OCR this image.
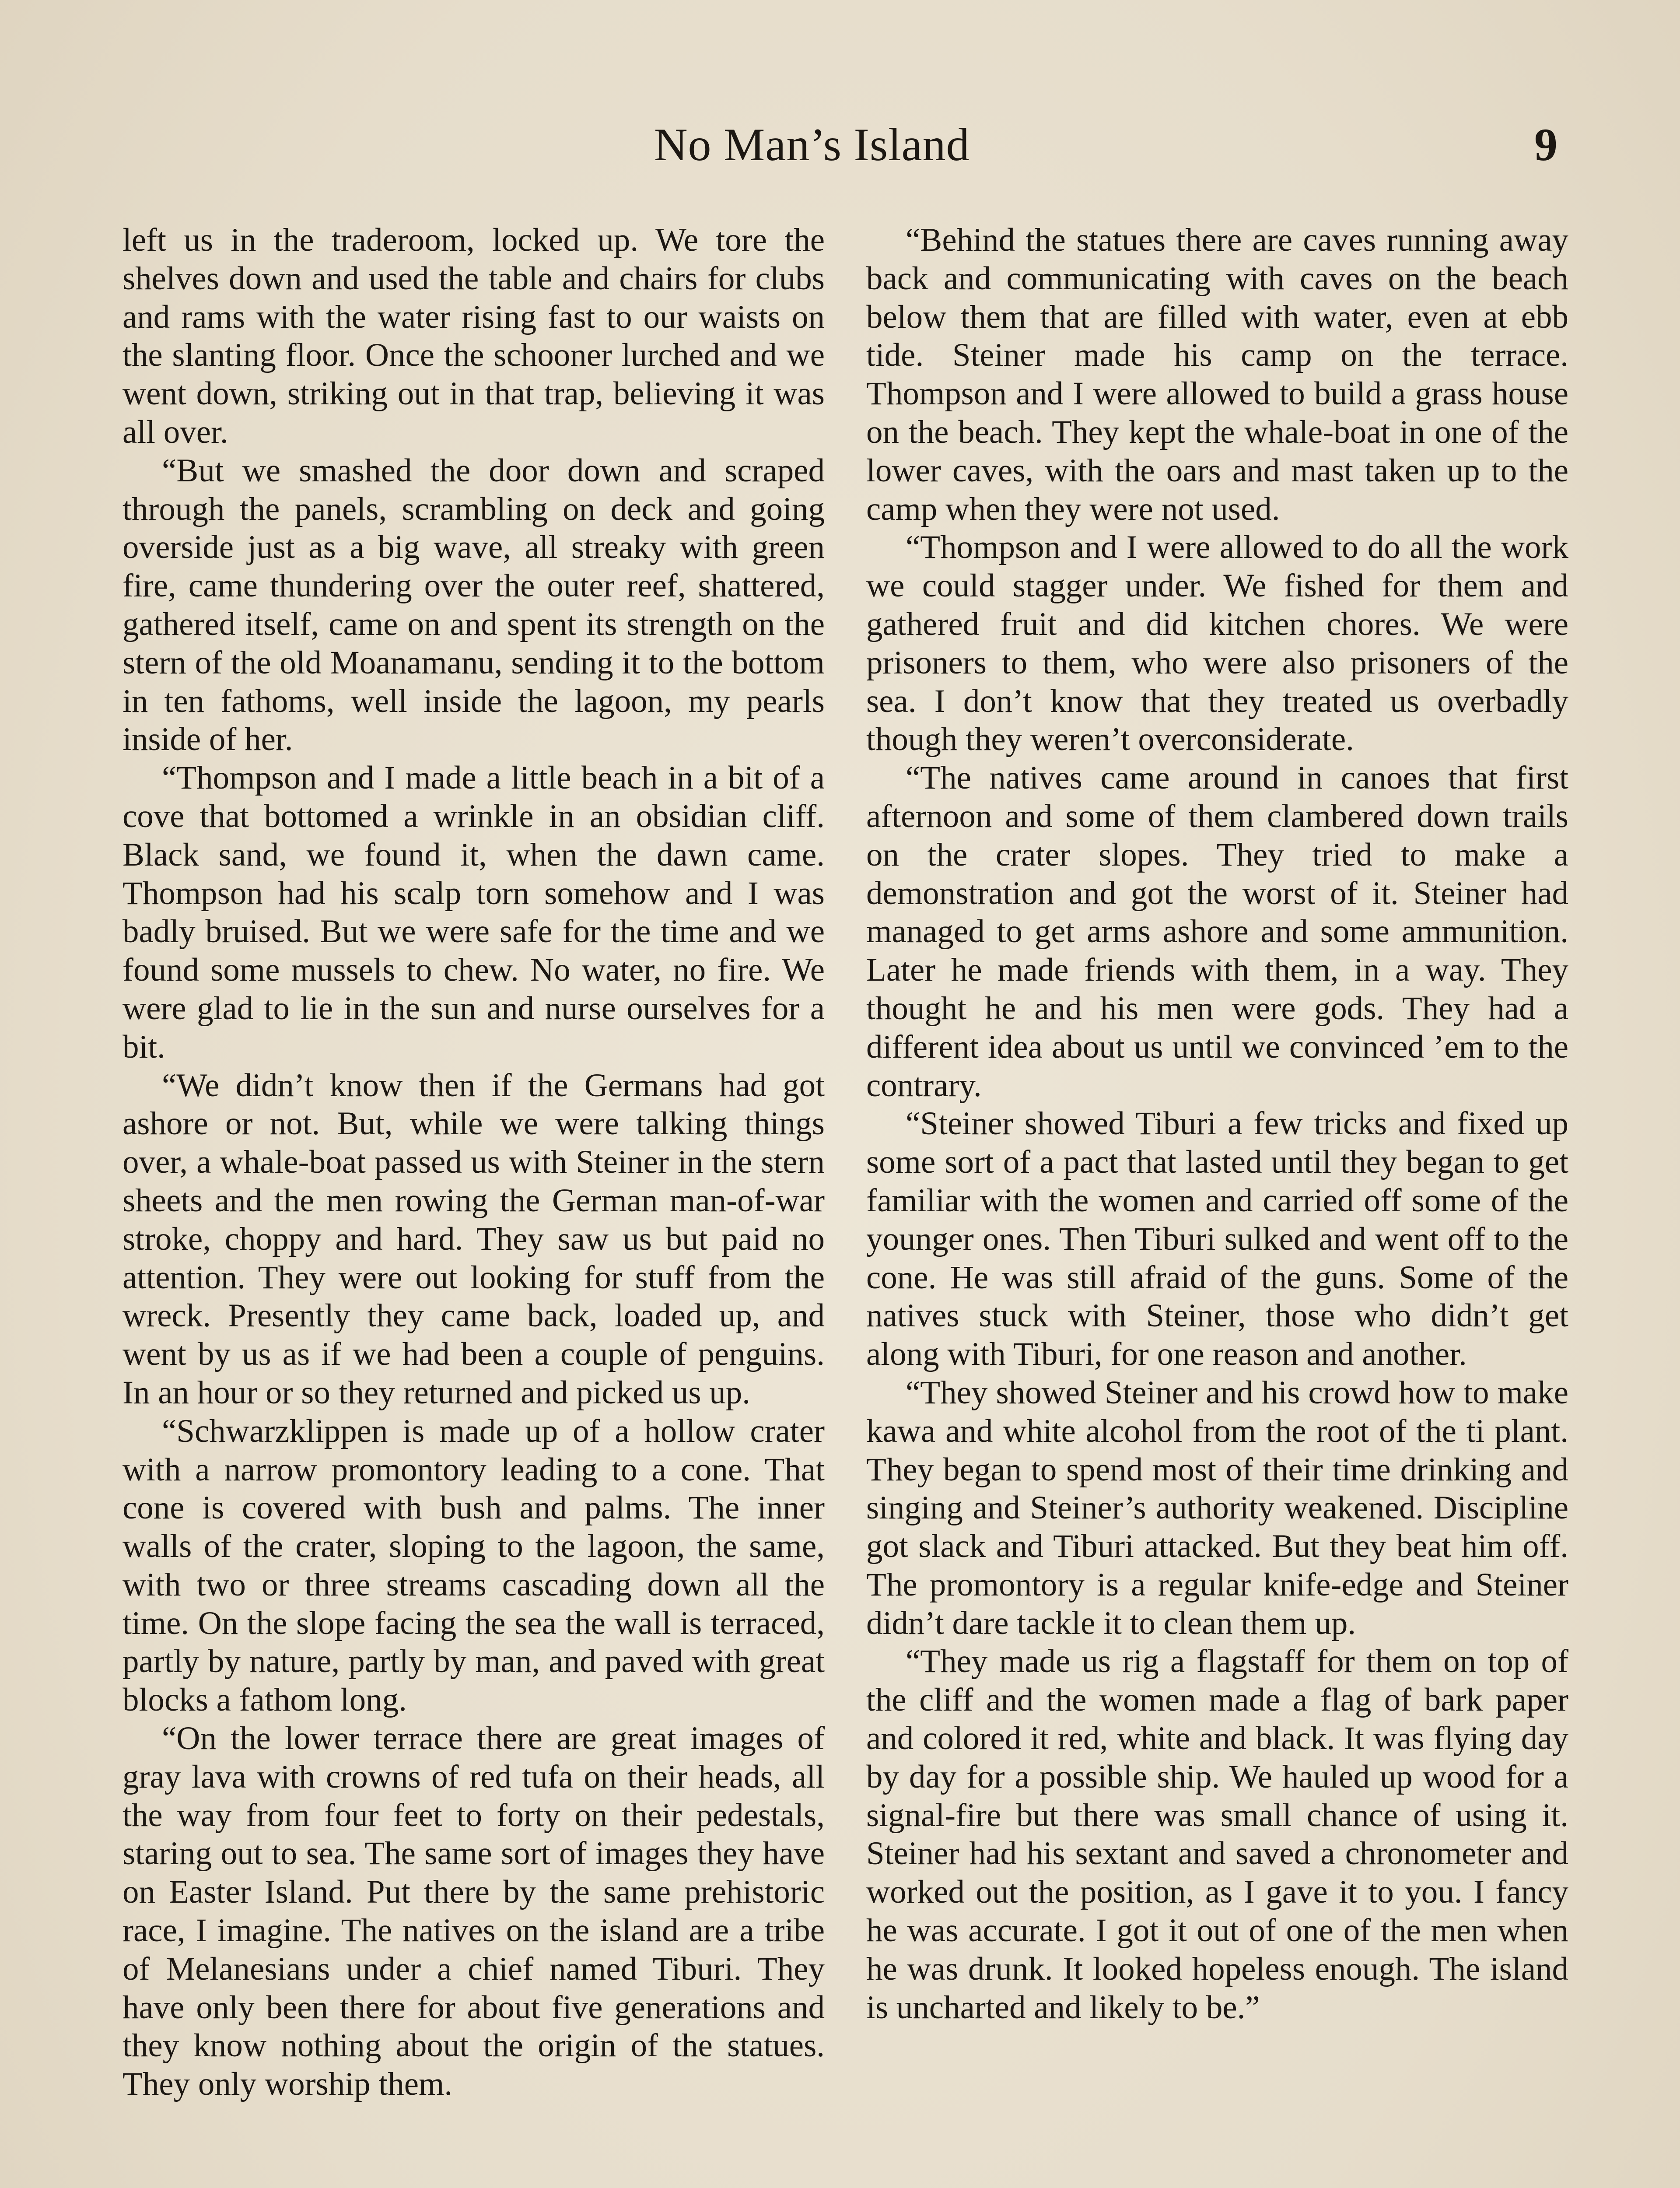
No Man’s Island	9

left us in the traderoom, locked up. We tore the shelves down and used the table and chairs for clubs and rams with the water rising fast to our waists on the slanting floor. Once the schooner lurched and we went down, striking out in that trap, believing it was all over.

“But we smashed the door down and scraped through the panels, scrambling on deck and going overside just as a big wave, all streaky with green fire, came thundering over the outer reef, shattered, gathered itself, came on and spent its strength on the stern of the old Moanamanu, sending it to the bottom in ten fathoms, well inside the lagoon, my pearls inside of her.

“Thompson and I made a little beach in a bit of a cove that bottomed a wrinkle in an obsidian cliff. Black sand, we found it, when the dawn came. Thompson had his scalp torn somehow and I was badly bruised. But we were safe for the time and we found some mussels to chew. No water, no fire. We were glad to lie in the sun and nurse ourselves for a bit.

“We didn’t know then if the Germans had got ashore or not. But, while we were talking things over, a whale-boat passed us with Steiner in the stern sheets and the men rowing the German man-of-war stroke, choppy and hard. They saw us but paid no attention. They were out looking for stuff from the wreck. Presently they came back, loaded up, and went by us as if we had been a couple of penguins. In an hour or so they returned and picked us up.

“Schwarzklippen is made up of a hollow crater with a narrow promontory leading to a cone. That cone is covered with bush and palms. The inner walls of the crater, sloping to the lagoon, the same, with two or three streams cascading down all the time. On the slope facing the sea the wall is terraced, partly by nature, partly by man, and paved with great blocks a fathom long.

“On the lower terrace there are great images of gray lava with crowns of red tufa on their heads, all the way from four feet to forty on their pedestals, staring out to sea. The same sort of images they have on Easter Island. Put there by the same prehistoric race, I imagine. The natives on the island are a tribe of Melanesians under a chief named Tiburi. They have only been there for about five generations and they know nothing about the origin of the statues. They only worship them.

“Behind the statues there are caves running away back and communicating with caves on the beach below them that are filled with water, even at ebb tide. Steiner made his camp on the terrace. Thompson and I were allowed to build a grass house on the beach. They kept the whale-boat in one of the lower caves, with the oars and mast taken up to the camp when they were not used.

“Thompson and I were allowed to do all the work we could stagger under. We fished for them and gathered fruit and did kitchen chores. We were prisoners to them, who were also prisoners of the sea. I don’t know that they treated us overbadly though they weren’t overconsiderate.

“The natives came around in canoes that first afternoon and some of them clambered down trails on the crater slopes. They tried to make a demonstration and got the worst of it. Steiner had managed to get arms ashore and some ammunition. Later he made friends with them, in a way. They thought he and his men were gods. They had a different idea about us until we convinced ’em to the contrary.

“Steiner showed Tiburi a few tricks and fixed up some sort of a pact that lasted until they began to get familiar with the women and carried off some of the younger ones. Then Tiburi sulked and went off to the cone. He was still afraid of the guns. Some of the natives stuck with Steiner, those who didn’t get along with Tiburi, for one reason and another.

“They showed Steiner and his crowd how to make kawa and white alcohol from the root of the ti plant. They began to spend most of their time drinking and singing and Steiner’s authority weakened. Discipline got slack and Tiburi attacked. But they beat him off. The promontory is a regular knife-edge and Steiner didn’t dare tackle it to clean them up.

“They made us rig a flagstaff for them on top of the cliff and the women made a flag of bark paper and colored it red, white and black. It was flying day by day for a possible ship. We hauled up wood for a signal-fire but there was small chance of using it. Steiner had his sextant and saved a chronometer and worked out the position, as I gave it to you. I fancy he was accurate. I got it out of one of the men when he was drunk. It looked hopeless enough. The island is uncharted and likely to be.”
